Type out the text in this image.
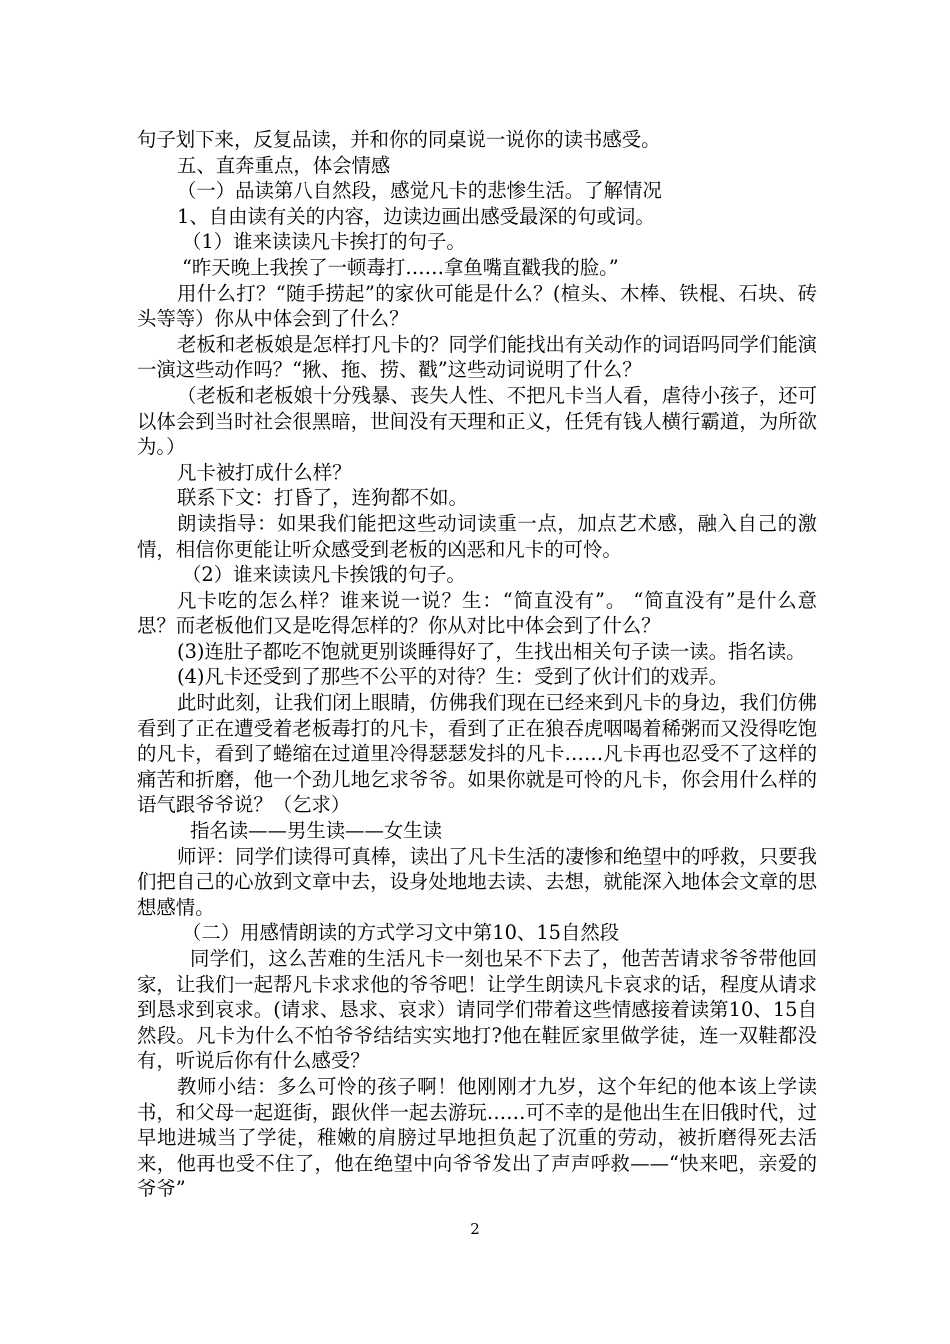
句子划下来，反复品读，并和你的同桌说一说你的读书感受。

五、直奔重点，体会情感

（一）品读第八自然段，感觉凡卡的悲惨生活。了解情况

1、自由读有关的内容，边读边画出感受最深的句或词。

（1）谁来读读凡卡挨打的句子。

“昨天晚上我挨了一顿毒打……拿鱼嘴直戳我的脸。”

用什么打？“随手捞起”的家伙可能是什么？(楦头、木棒、铁棍、石块、砖头等等）你从中体会到了什么？

老板和老板娘是怎样打凡卡的？同学们能找出有关动作的词语吗同学们能演一演这些动作吗？“揪、拖、捞、戳”这些动词说明了什么？

（老板和老板娘十分残暴、丧失人性、不把凡卡当人看，虐待小孩子，还可以体会到当时社会很黑暗，世间没有天理和正义，任凭有钱人横行霸道，为所欲为。）

凡卡被打成什么样？

联系下文：打昏了，连狗都不如。

朗读指导：如果我们能把这些动词读重一点，加点艺术感，融入自己的激情，相信你更能让听众感受到老板的凶恶和凡卡的可怜。

（2）谁来读读凡卡挨饿的句子。

凡卡吃的怎么样？谁来说一说？生：“简直没有”。 “简直没有”是什么意思？而老板他们又是吃得怎样的？你从对比中体会到了什么？

(3)连肚子都吃不饱就更别谈睡得好了，生找出相关句子读一读。指名读。

(4)凡卡还受到了那些不公平的对待？生：受到了伙计们的戏弄。

此时此刻，让我们闭上眼睛，仿佛我们现在已经来到凡卡的身边，我们仿佛看到了正在遭受着老板毒打的凡卡，看到了正在狼吞虎咽喝着稀粥而又没得吃饱的凡卡，看到了蜷缩在过道里冷得瑟瑟发抖的凡卡……凡卡再也忍受不了这样的痛苦和折磨，他一个劲儿地乞求爷爷。如果你就是可怜的凡卡，你会用什么样的语气跟爷爷说？（乞求）

指名读——男生读——女生读

师评：同学们读得可真棒，读出了凡卡生活的凄惨和绝望中的呼救，只要我们把自己的心放到文章中去，设身处地地去读、去想，就能深入地体会文章的思想感情。

（二）用感情朗读的方式学习文中第10、15自然段

同学们，这么苦难的生活凡卡一刻也呆不下去了，他苦苦请求爷爷带他回家，让我们一起帮凡卡求求他的爷爷吧！让学生朗读凡卡哀求的话，程度从请求到恳求到哀求。(请求、恳求、哀求）请同学们带着这些情感接着读第10、15自然段。凡卡为什么不怕爷爷结结实实地打?他在鞋匠家里做学徒，连一双鞋都没有，听说后你有什么感受？

教师小结：多么可怜的孩子啊！他刚刚才九岁，这个年纪的他本该上学读书，和父母一起逛街，跟伙伴一起去游玩……可不幸的是他出生在旧俄时代，过早地进城当了学徒，稚嫩的肩膀过早地担负起了沉重的劳动，被折磨得死去活来，他再也受不住了，他在绝望中向爷爷发出了声声呼救——“快来吧，亲爱的爷爷”

2
